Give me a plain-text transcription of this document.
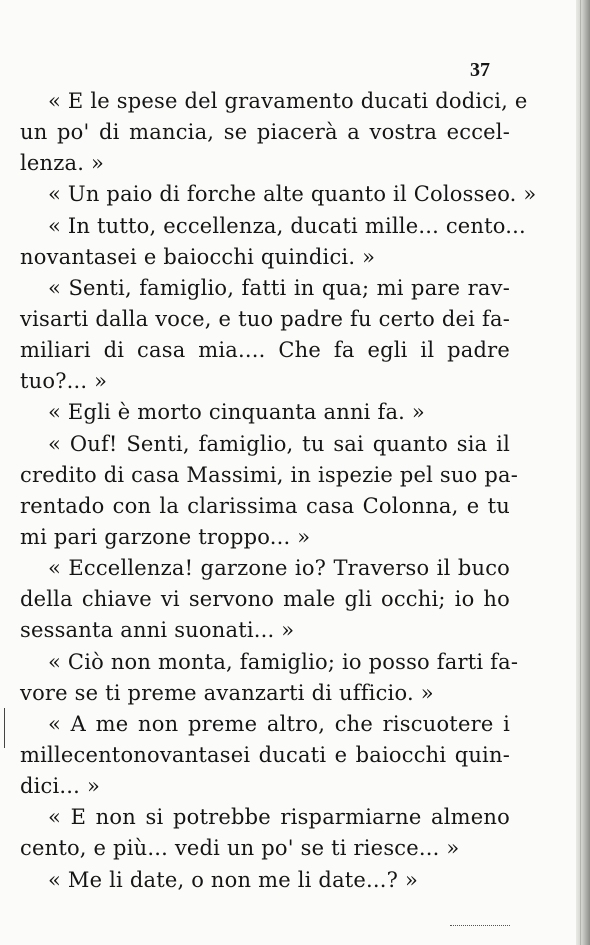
37
« E le spese del gravamento ducati dodici, e
un po' di mancia, se piacerà a vostra eccel-
lenza. »
« Un paio di forche alte quanto il Colosseo. »
« In tutto, eccellenza, ducati mille... cento...
novantasei e baiocchi quindici. »
« Senti, famiglio, fatti in qua; mi pare rav-
visarti dalla voce, e tuo padre fu certo dei fa-
miliari di casa mia.... Che fa egli il padre
tuo?... »
« Egli è morto cinquanta anni fa. »
« Ouf! Senti, famiglio, tu sai quanto sia il
credito di casa Massimi, in ispezie pel suo pa-
rentado con la clarissima casa Colonna, e tu
mi pari garzone troppo... »
« Eccellenza! garzone io? Traverso il buco
della chiave vi servono male gli occhi; io ho
sessanta anni suonati... »
« Ciò non monta, famiglio; io posso farti fa-
vore se ti preme avanzarti di ufficio. »
« A me non preme altro, che riscuotere i
millecentonovantasei ducati e baiocchi quin-
dici... »
« E non si potrebbe risparmiarne almeno
cento, e più... vedi un po' se ti riesce... »
« Me li date, o non me li date...? »
